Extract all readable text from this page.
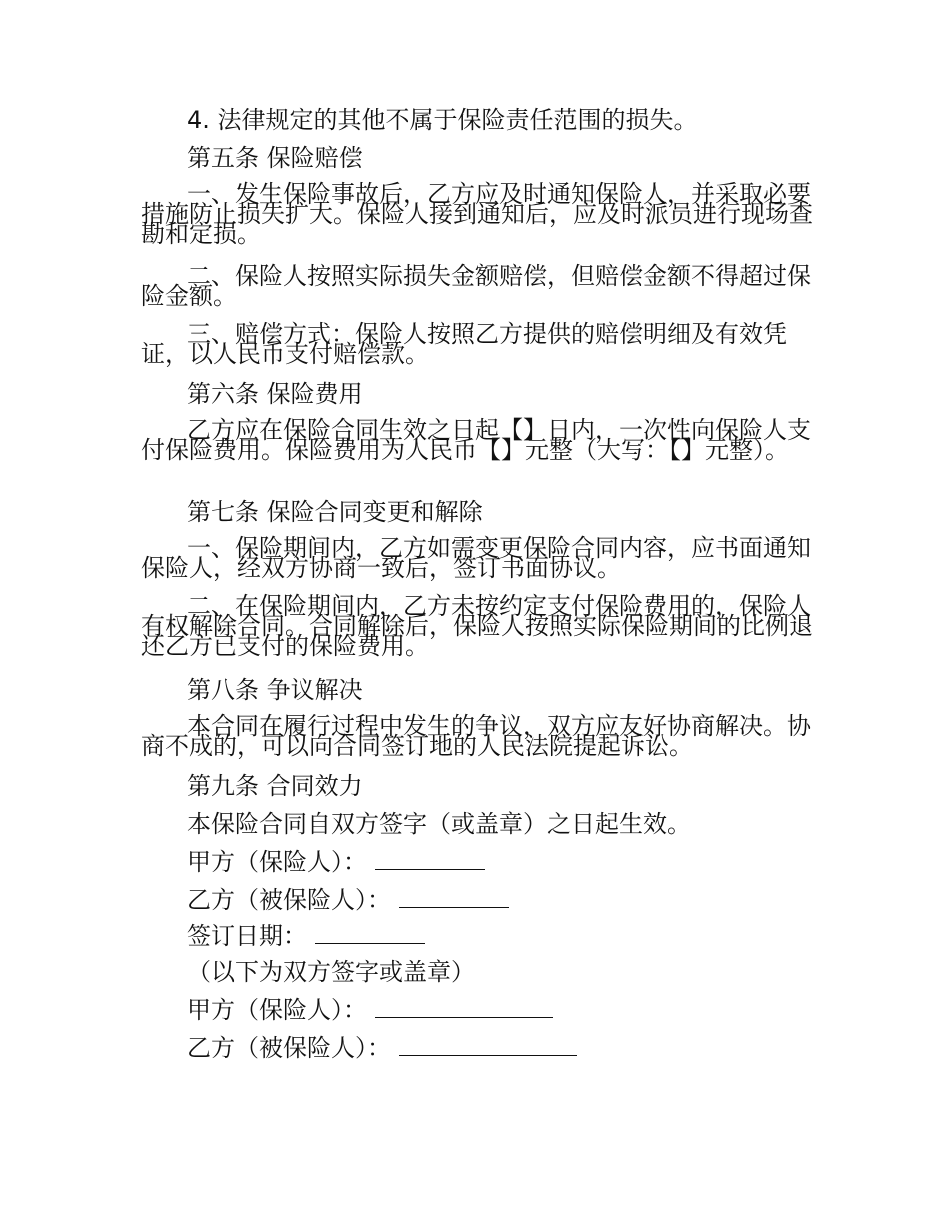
4. 法律规定的其他不属于保险责任范围的损失。
第五条 保险赔偿
一、发生保险事故后，乙方应及时通知保险人，并采取必要措施防止损失扩大。保险人接到通知后，应及时派员进行现场查勘和定损。
二、保险人按照实际损失金额赔偿，但赔偿金额不得超过保险金额。
三、赔偿方式：保险人按照乙方提供的赔偿明细及有效凭证，以人民币支付赔偿款。
第六条 保险费用
乙方应在保险合同生效之日起【】日内，一次性向保险人支付保险费用。保险费用为人民币【】元整（大写：【】元整）。
第七条 保险合同变更和解除
一、保险期间内，乙方如需变更保险合同内容，应书面通知保险人，经双方协商一致后，签订书面协议。
二、在保险期间内，乙方未按约定支付保险费用的，保险人有权解除合同。合同解除后，保险人按照实际保险期间的比例退还乙方已支付的保险费用。
第八条 争议解决
本合同在履行过程中发生的争议，双方应友好协商解决。协商不成的，可以向合同签订地的人民法院提起诉讼。
第九条 合同效力
本保险合同自双方签字（或盖章）之日起生效。
甲方（保险人）：
乙方（被保险人）：
签订日期：
（以下为双方签字或盖章）
甲方（保险人）：
乙方（被保险人）：
